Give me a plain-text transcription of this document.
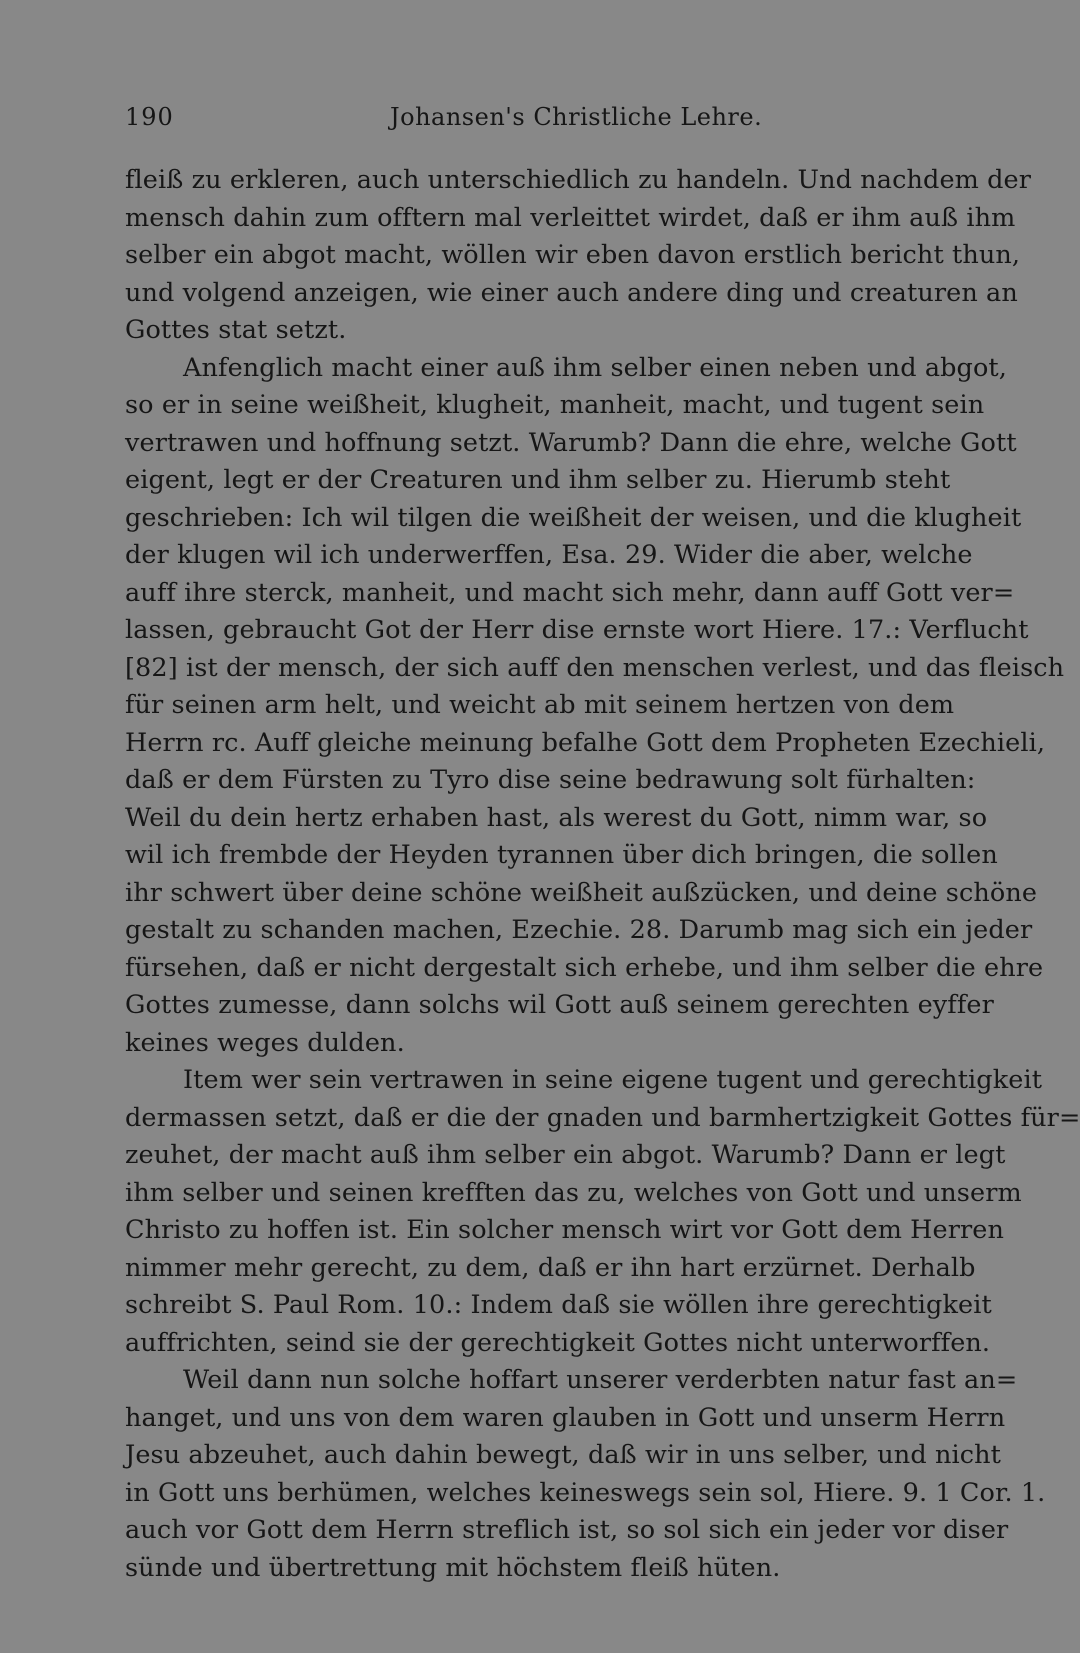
190	Johansen's Christliche Lehre.
fleiß zu erkleren, auch unterschiedlich zu handeln. Und nachdem der
mensch dahin zum offtern mal verleittet wirdet, daß er ihm auß ihm
selber ein abgot macht, wöllen wir eben davon erstlich bericht thun,
und volgend anzeigen, wie einer auch andere ding und creaturen an
Gottes stat setzt.
Anfenglich macht einer auß ihm selber einen neben und abgot,
so er in seine weißheit, klugheit, manheit, macht, und tugent sein
vertrawen und hoffnung setzt. Warumb? Dann die ehre, welche Gott
eigent, legt er der Creaturen und ihm selber zu. Hierumb steht
geschrieben: Ich wil tilgen die weißheit der weisen, und die klugheit
der klugen wil ich underwerffen, Esa. 29. Wider die aber, welche
auff ihre sterck, manheit, und macht sich mehr, dann auff Gott ver=
lassen, gebraucht Got der Herr dise ernste wort Hiere. 17.: Verflucht
[82] ist der mensch, der sich auff den menschen verlest, und das fleisch
für seinen arm helt, und weicht ab mit seinem hertzen von dem
Herrn rc. Auff gleiche meinung befalhe Gott dem Propheten Ezechieli,
daß er dem Fürsten zu Tyro dise seine bedrawung solt fürhalten:
Weil du dein hertz erhaben hast, als werest du Gott, nimm war, so
wil ich frembde der Heyden tyrannen über dich bringen, die sollen
ihr schwert über deine schöne weißheit außzücken, und deine schöne
gestalt zu schanden machen, Ezechie. 28. Darumb mag sich ein jeder
fürsehen, daß er nicht dergestalt sich erhebe, und ihm selber die ehre
Gottes zumesse, dann solchs wil Gott auß seinem gerechten eyffer
keines weges dulden.
Item wer sein vertrawen in seine eigene tugent und gerechtigkeit
dermassen setzt, daß er die der gnaden und barmhertzigkeit Gottes für=
zeuhet, der macht auß ihm selber ein abgot. Warumb? Dann er legt
ihm selber und seinen krefften das zu, welches von Gott und unserm
Christo zu hoffen ist. Ein solcher mensch wirt vor Gott dem Herren
nimmer mehr gerecht, zu dem, daß er ihn hart erzürnet. Derhalb
schreibt S. Paul Rom. 10.: Indem daß sie wöllen ihre gerechtigkeit
auffrichten, seind sie der gerechtigkeit Gottes nicht unterworffen.
Weil dann nun solche hoffart unserer verderbten natur fast an=
hanget, und uns von dem waren glauben in Gott und unserm Herrn
Jesu abzeuhet, auch dahin bewegt, daß wir in uns selber, und nicht
in Gott uns berhümen, welches keineswegs sein sol, Hiere. 9. 1 Cor. 1.
auch vor Gott dem Herrn streflich ist, so sol sich ein jeder vor diser
sünde und übertrettung mit höchstem fleiß hüten.
